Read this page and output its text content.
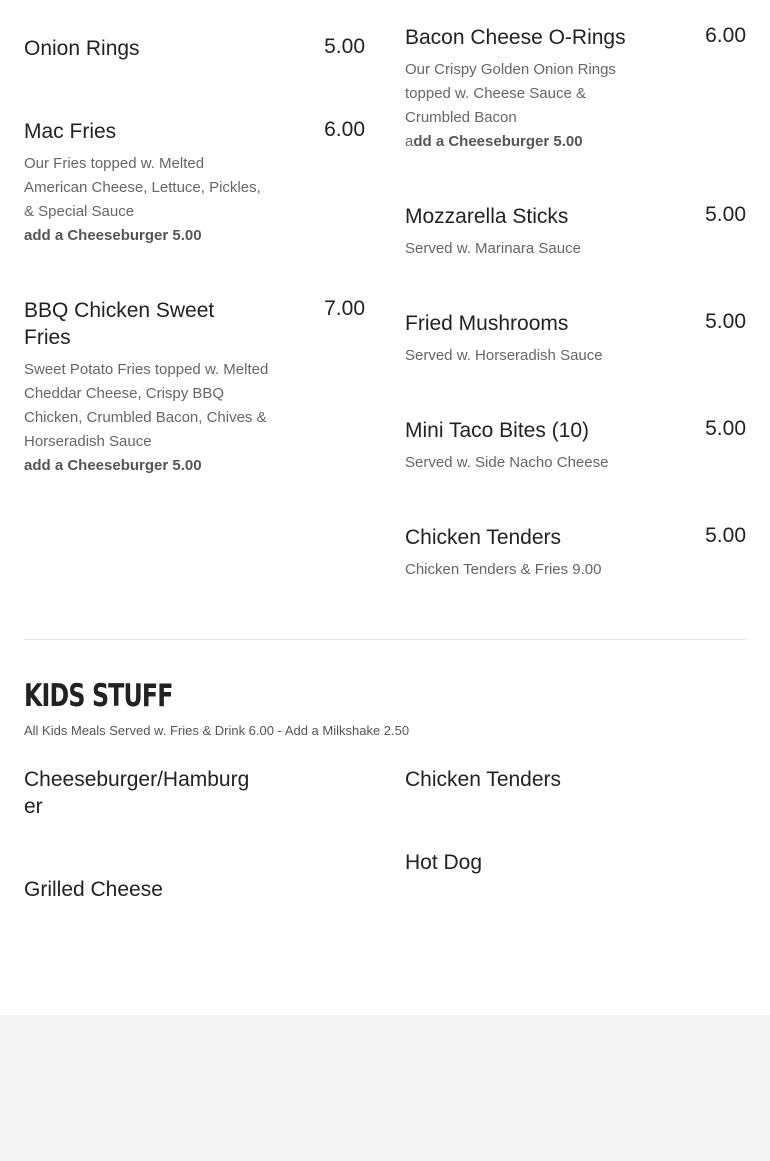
Onion Rings	5.00
Mac Fries	6.00
Our Fries topped w. Melted American Cheese, Lettuce, Pickles,
& Special Sauce
add a Cheeseburger 5.00
BBQ Chicken Sweet Fries
7.00
Sweet Potato Fries topped w. Melted Cheddar Cheese, Crispy BBQ Chicken, Crumbled Bacon, Chives & Horseradish Sauce
add a Cheeseburger 5.00
Bacon Cheese O-Rings	6.00
Our Crispy Golden Onion Rings topped w. Cheese Sauce & Crumbled Bacon
add a Cheeseburger 5.00
Mozzarella Sticks	5.00
Served w. Marinara Sauce
Fried Mushrooms	5.00
Served w. Horseradish Sauce
Mini Taco Bites (10)	5.00
Served w. Side Nacho Cheese
Chicken Tenders	5.00
Chicken Tenders & Fries 9.00
KIDS STUFF
All Kids Meals Served w. Fries & Drink 6.00 - Add a Milkshake 2.50
Cheeseburger/Hamburger
Chicken Tenders
Grilled Cheese
Hot Dog
